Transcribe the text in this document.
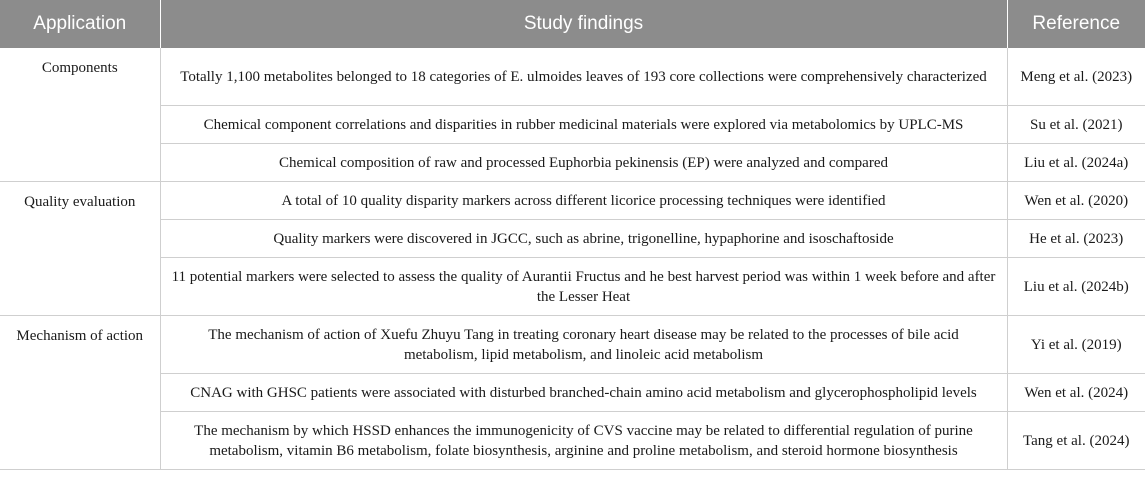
Application	Study findings	Reference
Components	Totally 1,100 metabolites belonged to 18 categories of E. ulmoides leaves of 193 core collections were comprehensively characterized	Meng et al. (2023)
	Chemical component correlations and disparities in rubber medicinal materials were explored via metabolomics by UPLC-MS	Su et al. (2021)
	Chemical composition of raw and processed Euphorbia pekinensis (EP) were analyzed and compared	Liu et al. (2024a)
Quality evaluation	A total of 10 quality disparity markers across different licorice processing techniques were identified	Wen et al. (2020)
	Quality markers were discovered in JGCC, such as abrine, trigonelline, hypaphorine and isoschaftoside	He et al. (2023)
	11 potential markers were selected to assess the quality of Aurantii Fructus and he best harvest period was within 1 week before and after the Lesser Heat	Liu et al. (2024b)
Mechanism of action	The mechanism of action of Xuefu Zhuyu Tang in treating coronary heart disease may be related to the processes of bile acid metabolism, lipid metabolism, and linoleic acid metabolism	Yi et al. (2019)
	CNAG with GHSC patients were associated with disturbed branched-chain amino acid metabolism and glycerophospholipid levels	Wen et al. (2024)
	The mechanism by which HSSD enhances the immunogenicity of CVS vaccine may be related to differential regulation of purine metabolism, vitamin B6 metabolism, folate biosynthesis, arginine and proline metabolism, and steroid hormone biosynthesis	Tang et al. (2024)
